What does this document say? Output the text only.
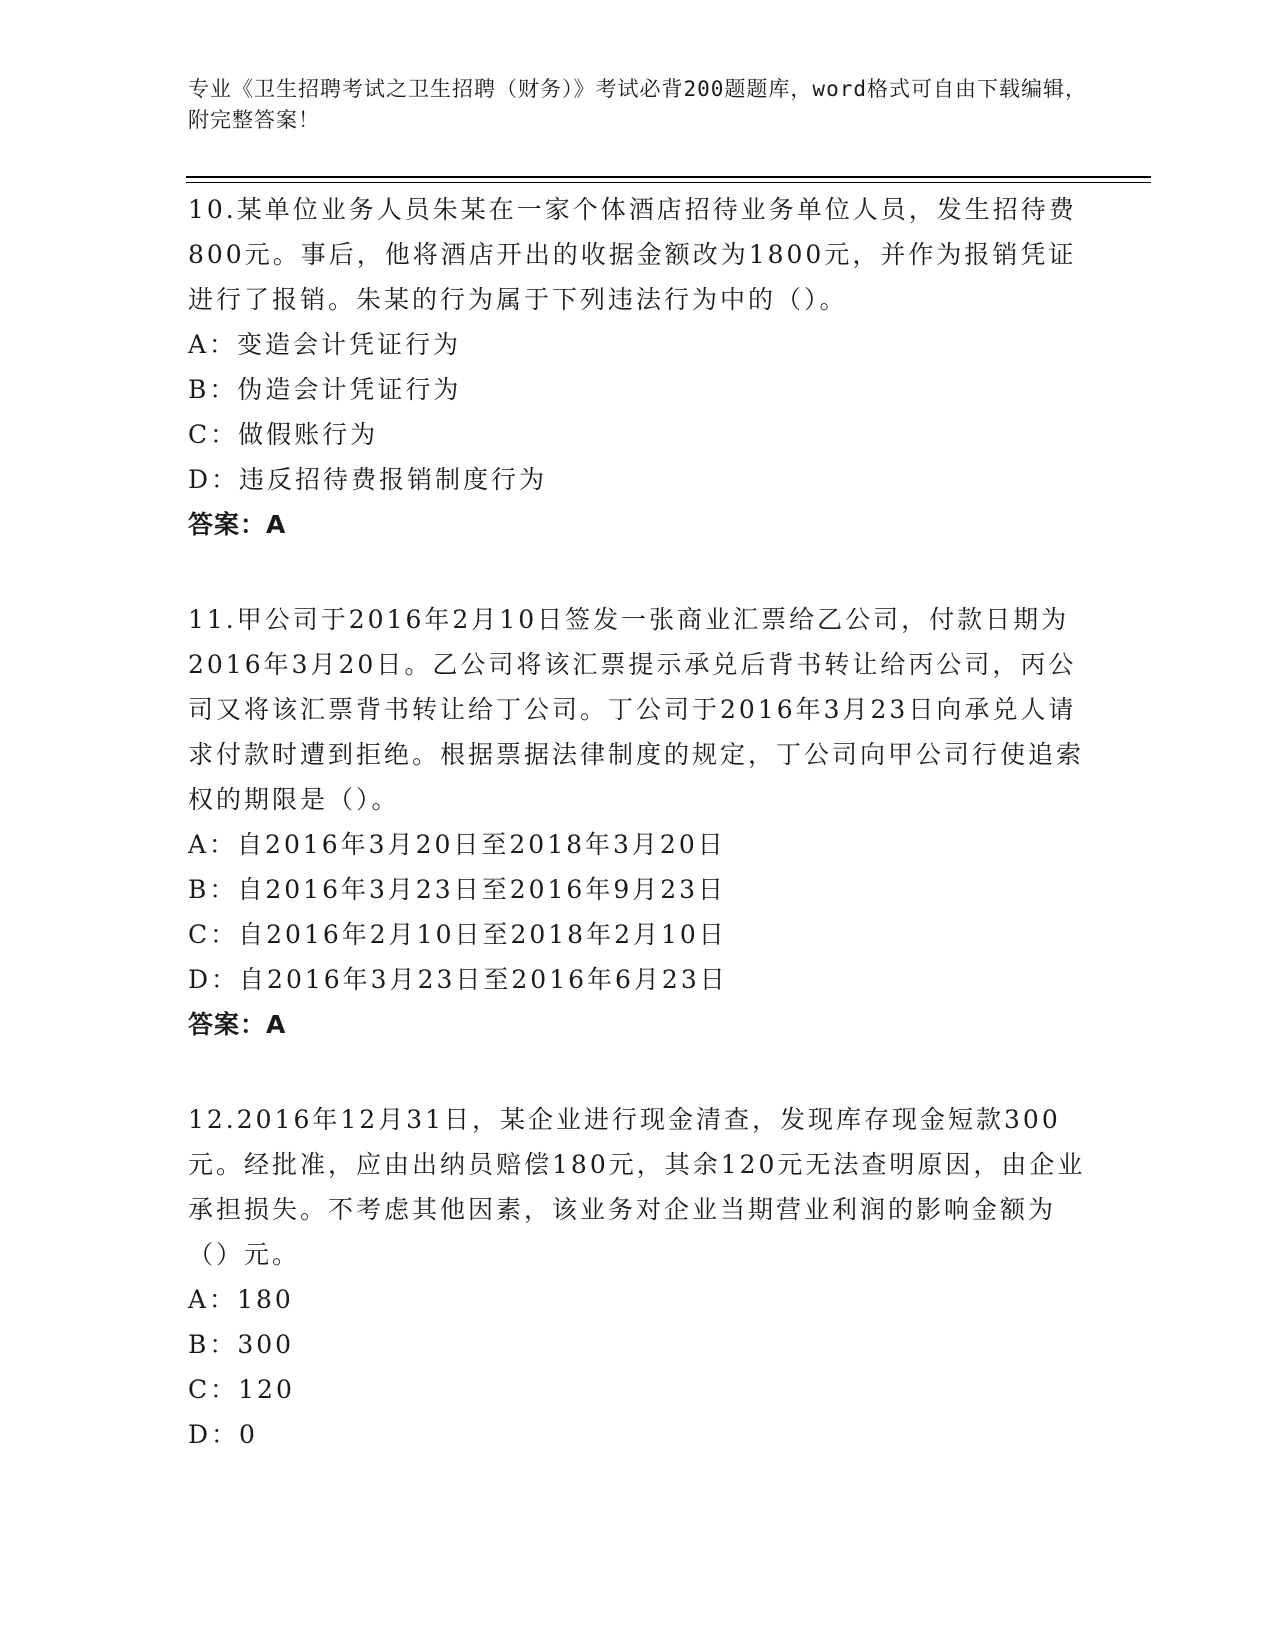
专业《卫生招聘考试之卫生招聘（财务）》考试必背200题题库，word格式可自由下载编辑，附完整答案！
10.某单位业务人员朱某在一家个体酒店招待业务单位人员，发生招待费800元。事后，他将酒店开出的收据金额改为1800元，并作为报销凭证进行了报销。朱某的行为属于下列违法行为中的（）。
A：变造会计凭证行为
B：伪造会计凭证行为
C：做假账行为
D：违反招待费报销制度行为
答案：A
11.甲公司于2016年2月10日签发一张商业汇票给乙公司，付款日期为2016年3月20日。乙公司将该汇票提示承兑后背书转让给丙公司，丙公司又将该汇票背书转让给丁公司。丁公司于2016年3月23日向承兑人请求付款时遭到拒绝。根据票据法律制度的规定，丁公司向甲公司行使追索权的期限是（）。
A：自2016年3月20日至2018年3月20日
B：自2016年3月23日至2016年9月23日
C：自2016年2月10日至2018年2月10日
D：自2016年3月23日至2016年6月23日
答案：A
12.2016年12月31日，某企业进行现金清查，发现库存现金短款300元。经批准，应由出纳员赔偿180元，其余120元无法查明原因，由企业承担损失。不考虑其他因素，该业务对企业当期营业利润的影响金额为（）元。
A：180
B：300
C：120
D：0
